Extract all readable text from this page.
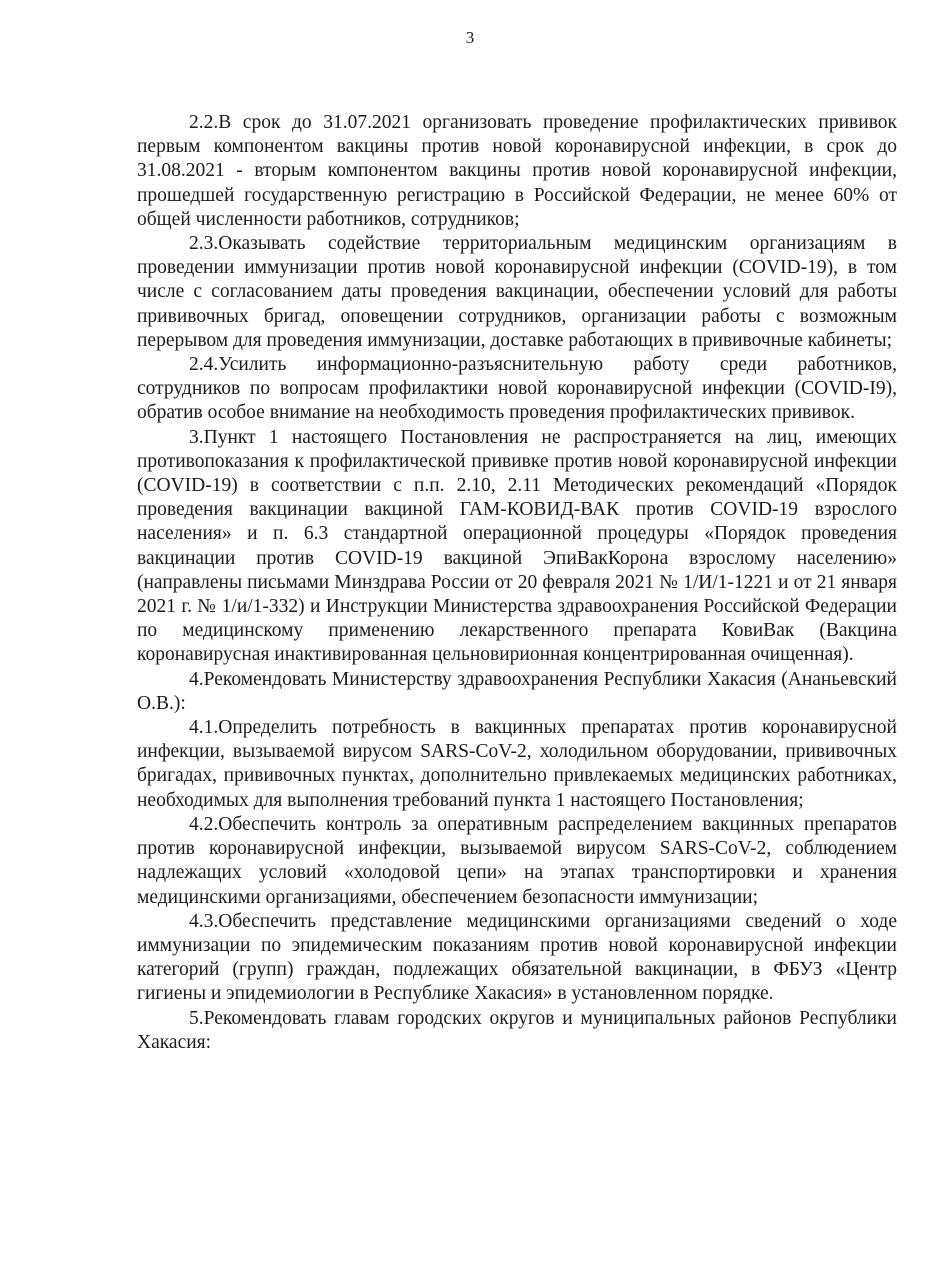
3

2.2.В срок до 31.07.2021 организовать проведение профилактических прививок первым компонентом вакцины против новой коронавирусной инфекции, в срок до 31.08.2021 - вторым компонентом вакцины против новой коронавирусной инфекции, прошедшей государственную регистрацию в Российской Федерации, не менее 60% от общей численности работников, сотрудников;

2.3.Оказывать содействие территориальным медицинским организациям в проведении иммунизации против новой коронавирусной инфекции (COVID-19), в том числе с согласованием даты проведения вакцинации, обеспечении условий для работы прививочных бригад, оповещении сотрудников, организации работы с возможным перерывом для проведения иммунизации, доставке работающих в прививочные кабинеты;

2.4.Усилить информационно-разъяснительную работу среди работников, сотрудников по вопросам профилактики новой коронавирусной инфекции (COVID-I9), обратив особое внимание на необходимость проведения профилактических прививок.

3.Пункт 1 настоящего Постановления не распространяется на лиц, имеющих противопоказания к профилактической прививке против новой коронавирусной инфекции (COVID-19) в соответствии с п.п. 2.10, 2.11 Методических рекомендаций «Порядок проведения вакцинации вакциной ГАМ-КОВИД-ВАК против COVID-19 взрослого населения» и п. 6.3 стандартной операционной процедуры «Порядок проведения вакцинации против COVID-19 вакциной ЭпиВакКорона взрослому населению» (направлены письмами Минздрава России от 20 февраля 2021 № 1/И/1-1221 и от 21 января 2021 г. № 1/и/1-332) и Инструкции Министерства здравоохранения Российской Федерации по медицинскому применению лекарственного препарата КовиВак (Вакцина коронавирусная инактивированная цельновирионная концентрированная очищенная).

4.Рекомендовать Министерству здравоохранения Республики Хакасия (Ананьевский О.В.):

4.1.Определить потребность в вакцинных препаратах против коронавирусной инфекции, вызываемой вирусом SARS-CoV-2, холодильном оборудовании, прививочных бригадах, прививочных пунктах, дополнительно привлекаемых медицинских работниках, необходимых для выполнения требований пункта 1 настоящего Постановления;

4.2.Обеспечить контроль за оперативным распределением вакцинных препаратов против коронавирусной инфекции, вызываемой вирусом SARS-CoV-2, соблюдением надлежащих условий «холодовой цепи» на этапах транспортировки и хранения медицинскими организациями, обеспечением безопасности иммунизации;

4.3.Обеспечить представление медицинскими организациями сведений о ходе иммунизации по эпидемическим показаниям против новой коронавирусной инфекции категорий (групп) граждан, подлежащих обязательной вакцинации, в ФБУЗ «Центр гигиены и эпидемиологии в Республике Хакасия» в установленном порядке.

5.Рекомендовать главам городских округов и муниципальных районов Республики Хакасия:
